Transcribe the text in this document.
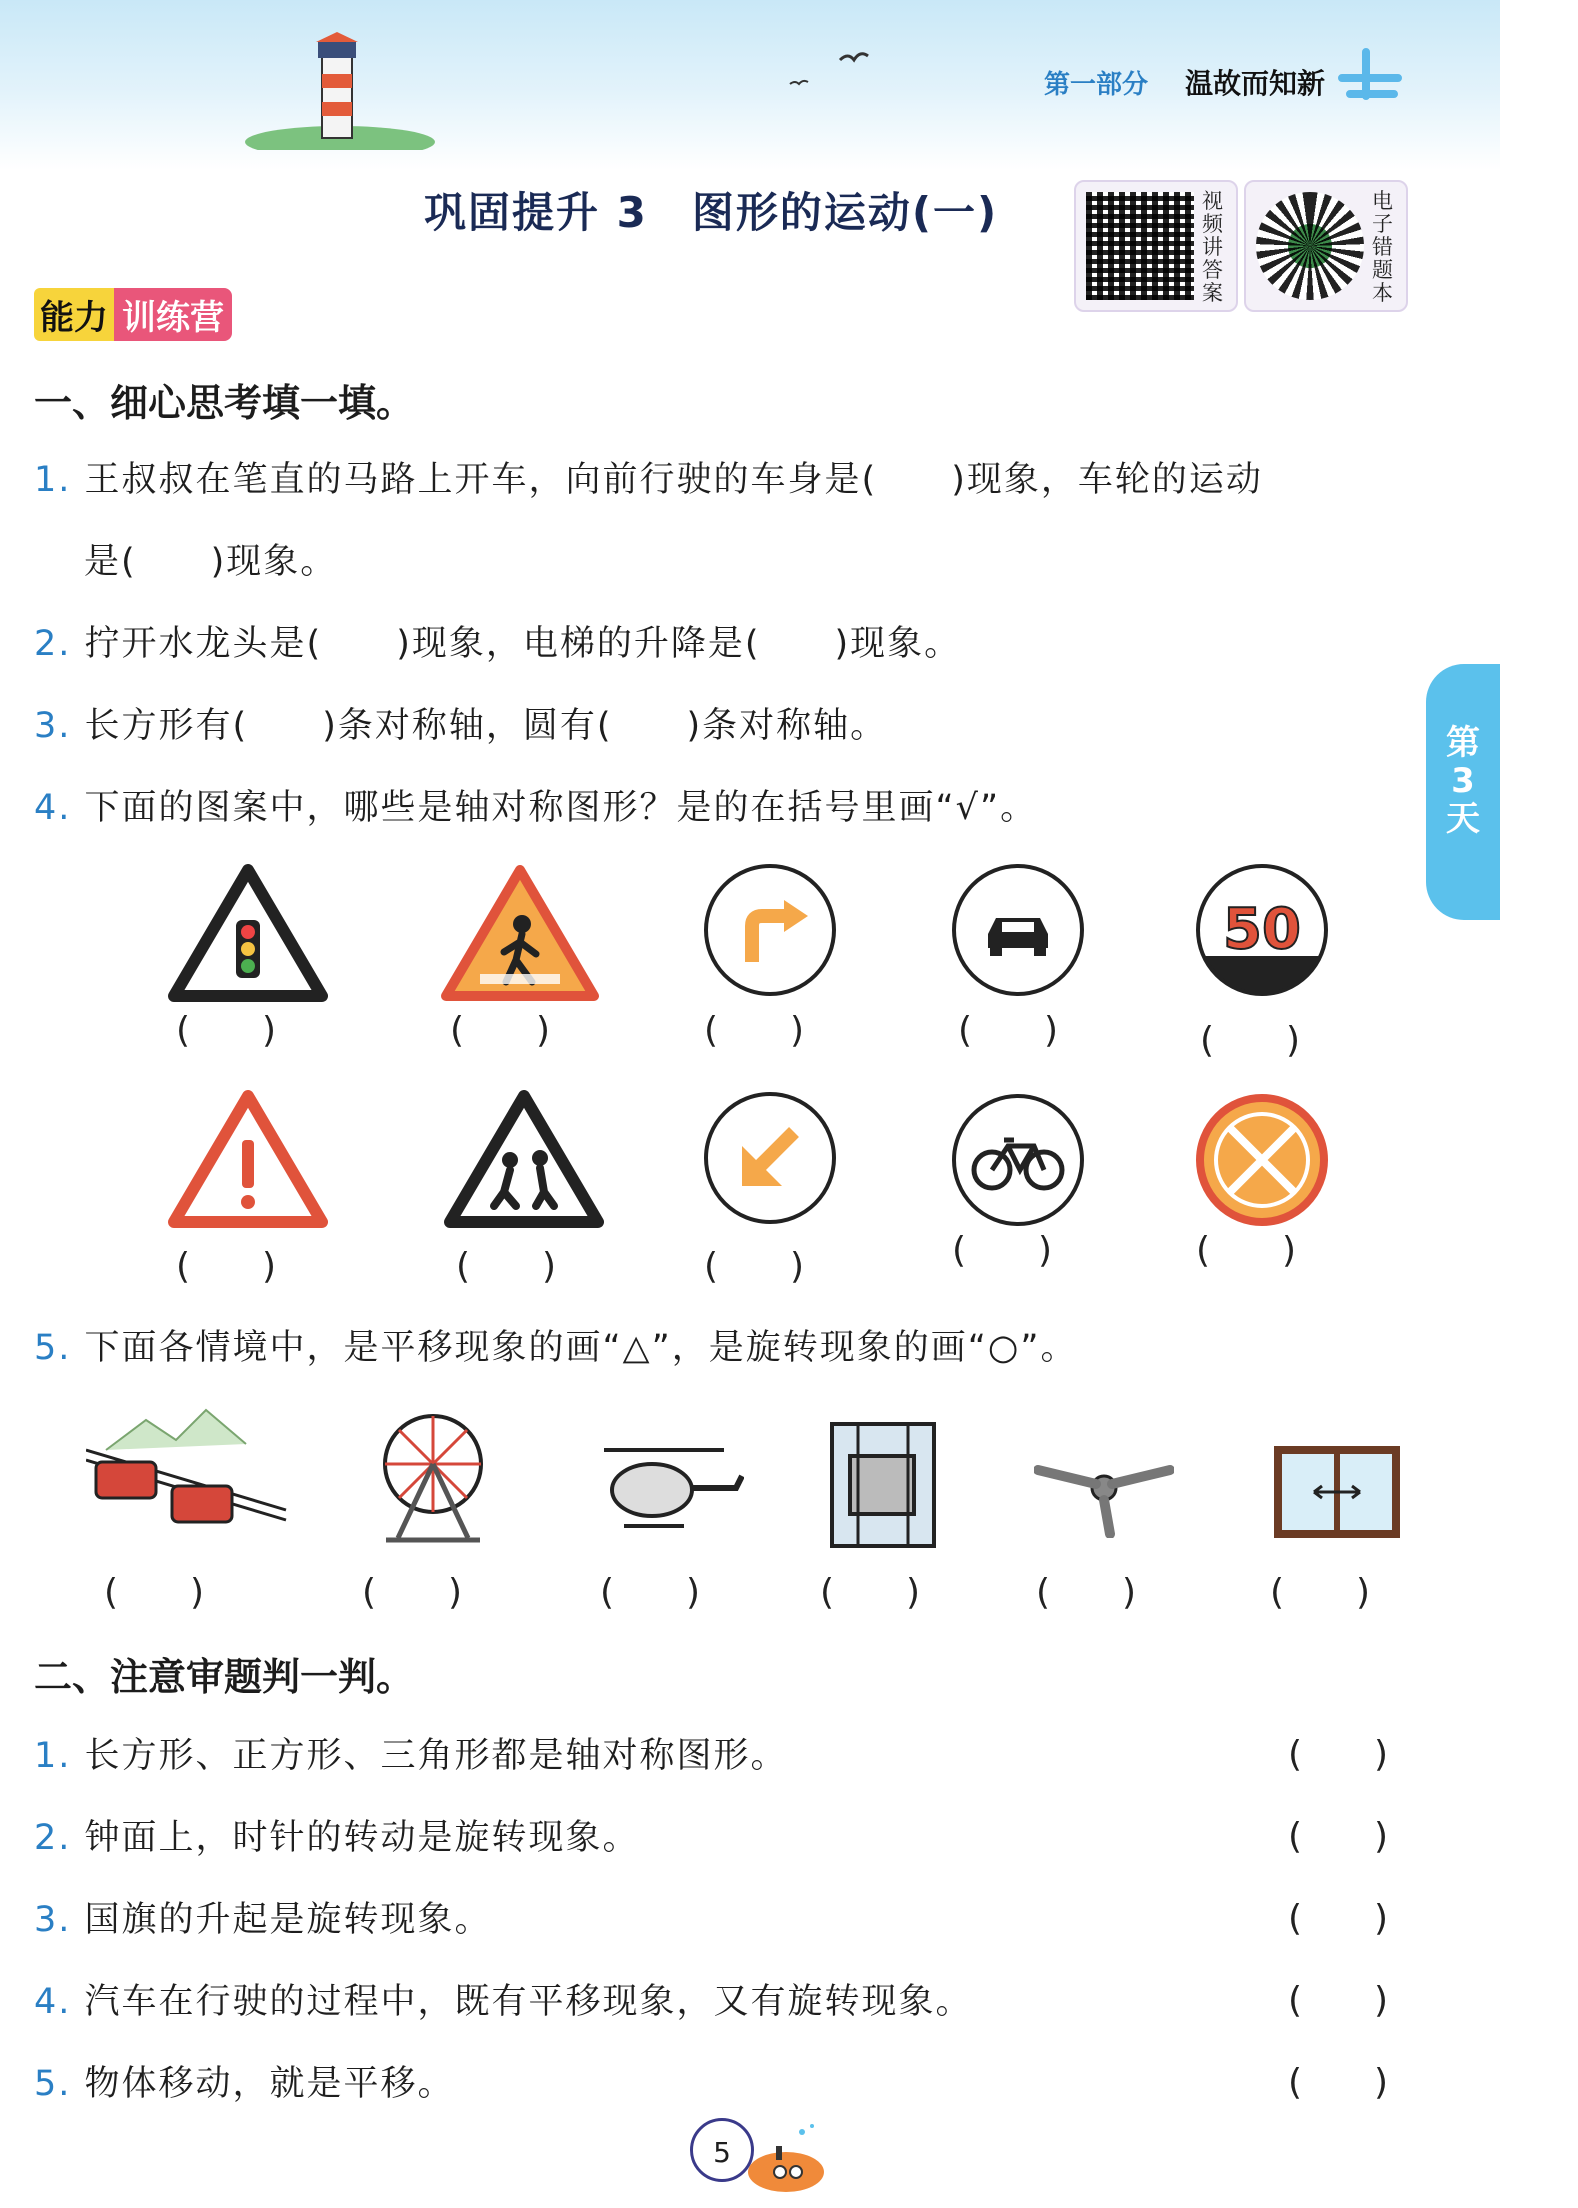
第一部分 温故而知新
巩固提升 3　图形的运动(一)	视频讲答案
电子错题本
能力 训练营
第3天
一、细心思考填一填。
1. 王叔叔在笔直的马路上开车，向前行驶的车身是(　　)现象，车轮的运动
是(　　)现象。
2. 拧开水龙头是(　　)现象，电梯的升降是(　　)现象。
3. 长方形有(　　)条对称轴，圆有(　　)条对称轴。
4. 下面的图案中，哪些是轴对称图形？是的在括号里画“√”。
50
(　　)	(　　)	(　　)	(　　)	(　　)
(　　)	(　　)	(　　)	(　　)	(　　)
5. 下面各情境中，是平移现象的画“△”，是旋转现象的画“○”。
(　　)	(　　)	(　　)	(　　)	(　　)	(　　)
二、注意审题判一判。
1. 长方形、正方形、三角形都是轴对称图形。	(　　)
2. 钟面上，时针的转动是旋转现象。	(　　)
3. 国旗的升起是旋转现象。	(　　)
4. 汽车在行驶的过程中，既有平移现象，又有旋转现象。	(　　)
5. 物体移动，就是平移。	(　　)
5
